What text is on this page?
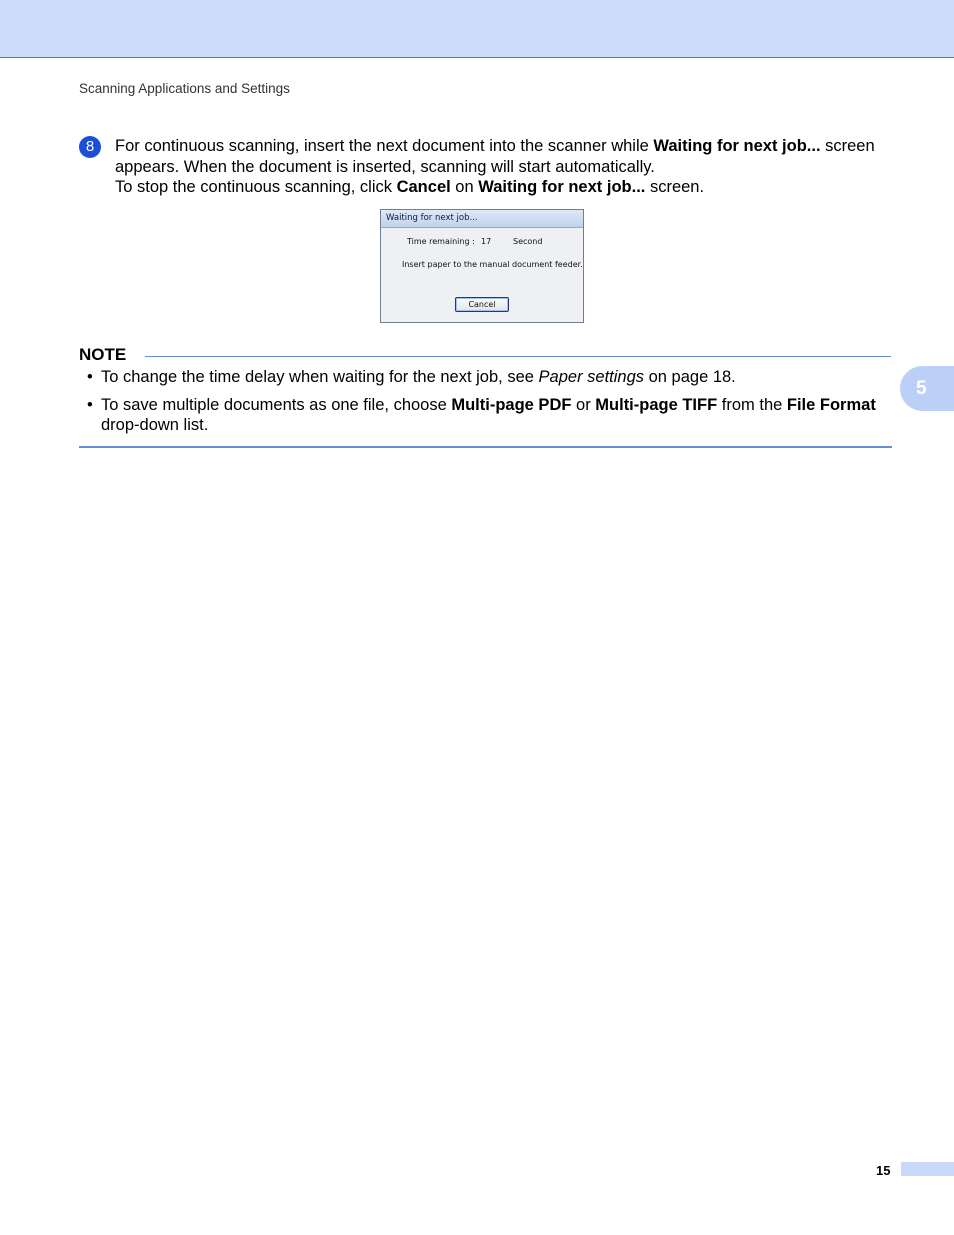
Scanning Applications and Settings
8	For continuous scanning, insert the next document into the scanner while Waiting for next job... screen appears. When the document is inserted, scanning will start automatically.
To stop the continuous scanning, click Cancel on Waiting for next job... screen.
Waiting for next job...
Time remaining : 17	Second
Insert paper to the manual document feeder.
Cancel
NOTE
• To change the time delay when waiting for the next job, see Paper settings on page 18.
• To save multiple documents as one file, choose Multi-page PDF or Multi-page TIFF from the File Format drop-down list.
5
15
